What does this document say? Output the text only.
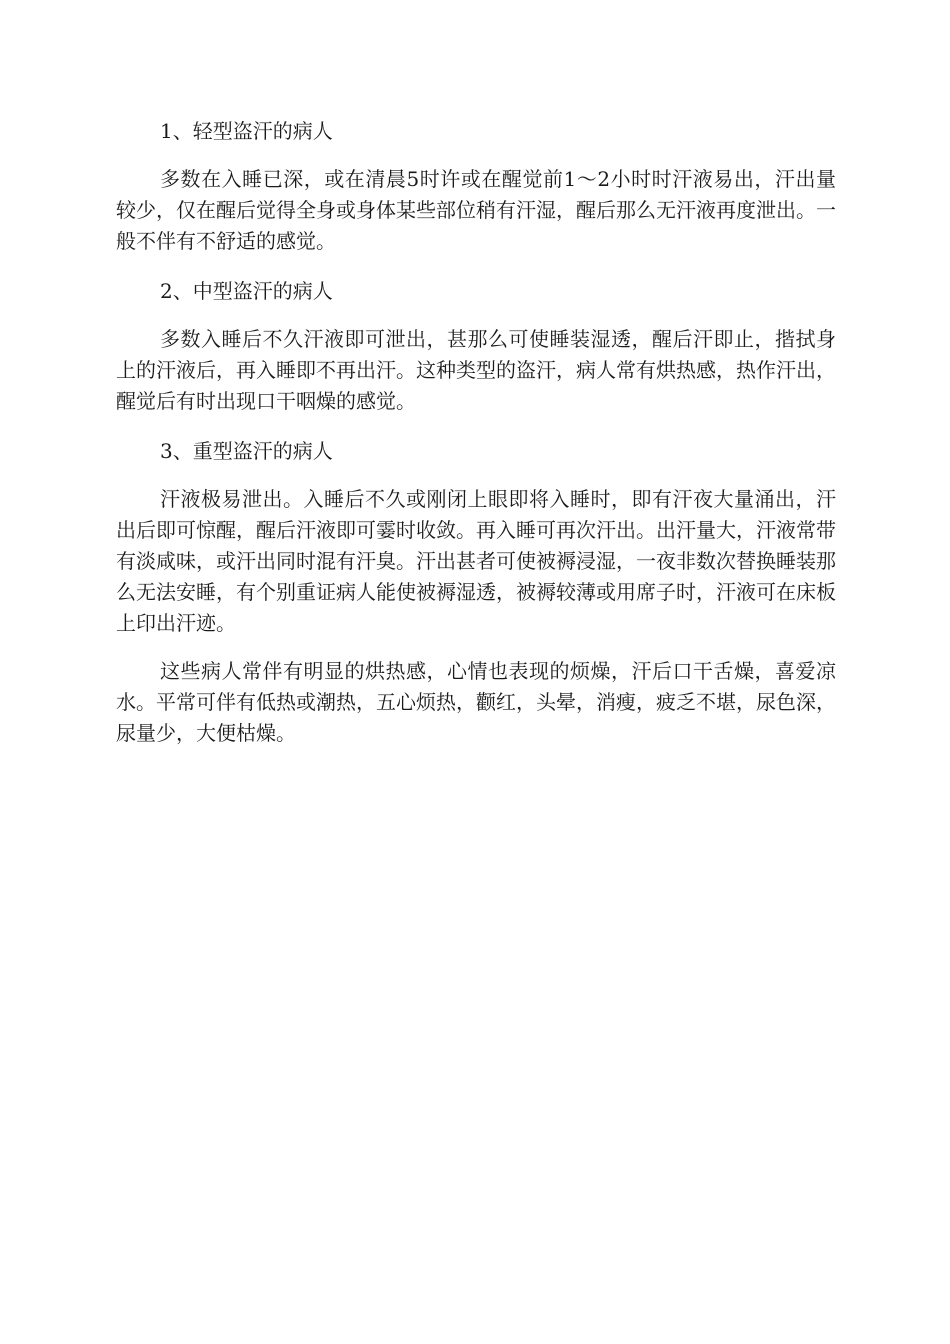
1、轻型盗汗的病人

多数在入睡已深，或在清晨5时许或在醒觉前1～2小时时汗液易出，汗出量较少，仅在醒后觉得全身或身体某些部位稍有汗湿，醒后那么无汗液再度泄出。一般不伴有不舒适的感觉。

2、中型盗汗的病人

多数入睡后不久汗液即可泄出，甚那么可使睡装湿透，醒后汗即止，揩拭身上的汗液后，再入睡即不再出汗。这种类型的盗汗，病人常有烘热感，热作汗出，醒觉后有时出现口干咽燥的感觉。

3、重型盗汗的病人

汗液极易泄出。入睡后不久或刚闭上眼即将入睡时，即有汗夜大量涌出，汗出后即可惊醒，醒后汗液即可霎时收敛。再入睡可再次汗出。出汗量大，汗液常带有淡咸味，或汗出同时混有汗臭。汗出甚者可使被褥浸湿，一夜非数次替换睡装那么无法安睡，有个别重证病人能使被褥湿透，被褥较薄或用席子时，汗液可在床板上印出汗迹。

这些病人常伴有明显的烘热感，心情也表现的烦燥，汗后口干舌燥，喜爱凉水。平常可伴有低热或潮热，五心烦热，颧红，头晕，消瘦，疲乏不堪，尿色深，尿量少，大便枯燥。
